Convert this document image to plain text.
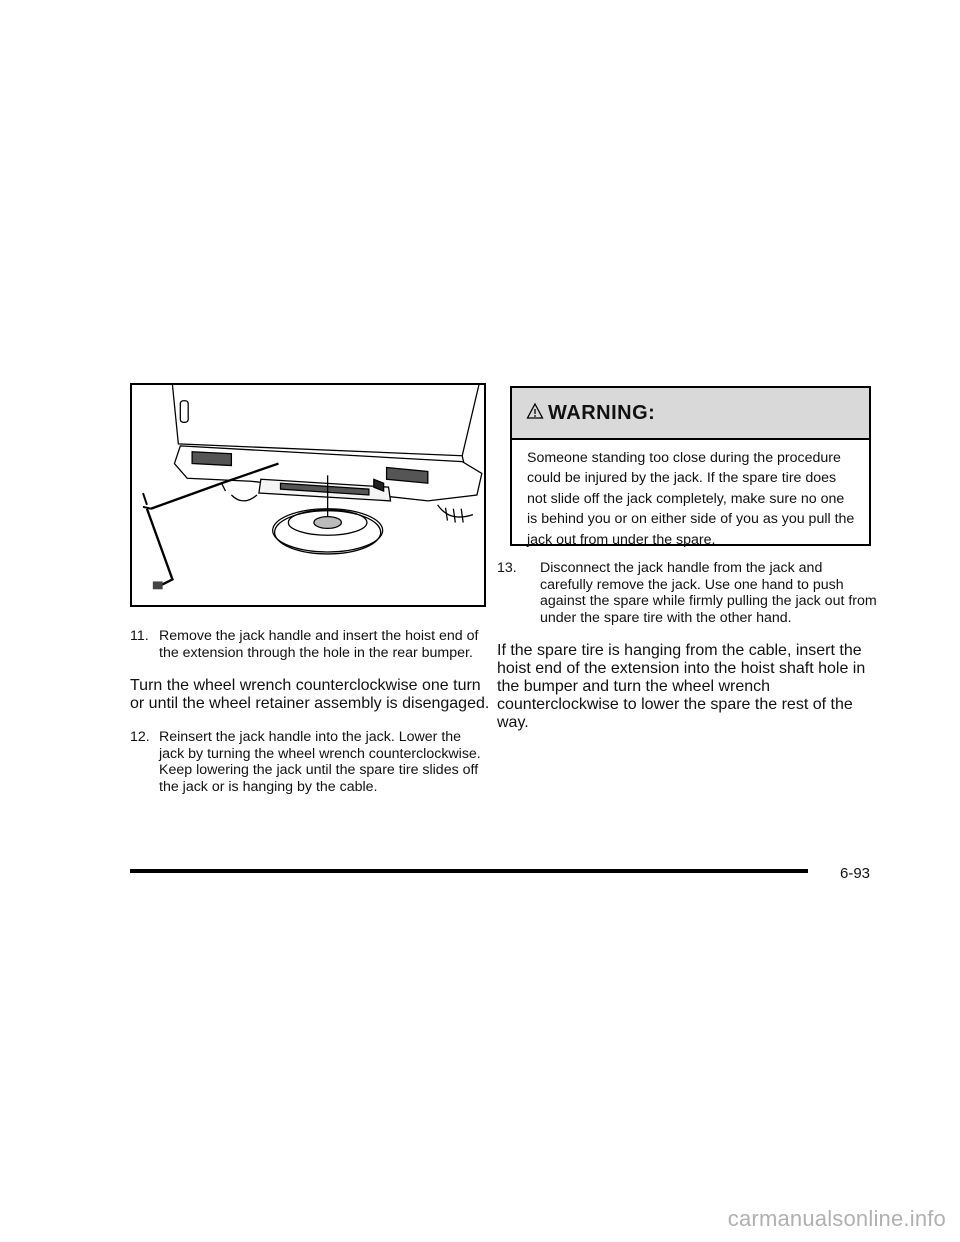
11. Remove the jack handle and insert the hoist end of the extension through the hole in the rear bumper.

Turn the wheel wrench counterclockwise one turn or until the wheel retainer assembly is disengaged.

12. Reinsert the jack handle into the jack. Lower the jack by turning the wheel wrench counterclockwise. Keep lowering the jack until the spare tire slides off the jack or is hanging by the cable.
WARNING:
Someone standing too close during the procedure could be injured by the jack. If the spare tire does not slide off the jack completely, make sure no one is behind you or on either side of you as you pull the jack out from under the spare.
13.	Disconnect the jack handle from the jack and carefully remove the jack. Use one hand to push against the spare while firmly pulling the jack out from under the spare tire with the other hand.

If the spare tire is hanging from the cable, insert the hoist end of the extension into the hoist shaft hole in the bumper and turn the wheel wrench counterclockwise to lower the spare the rest of the way.

6-93
carmanualsonline.info
